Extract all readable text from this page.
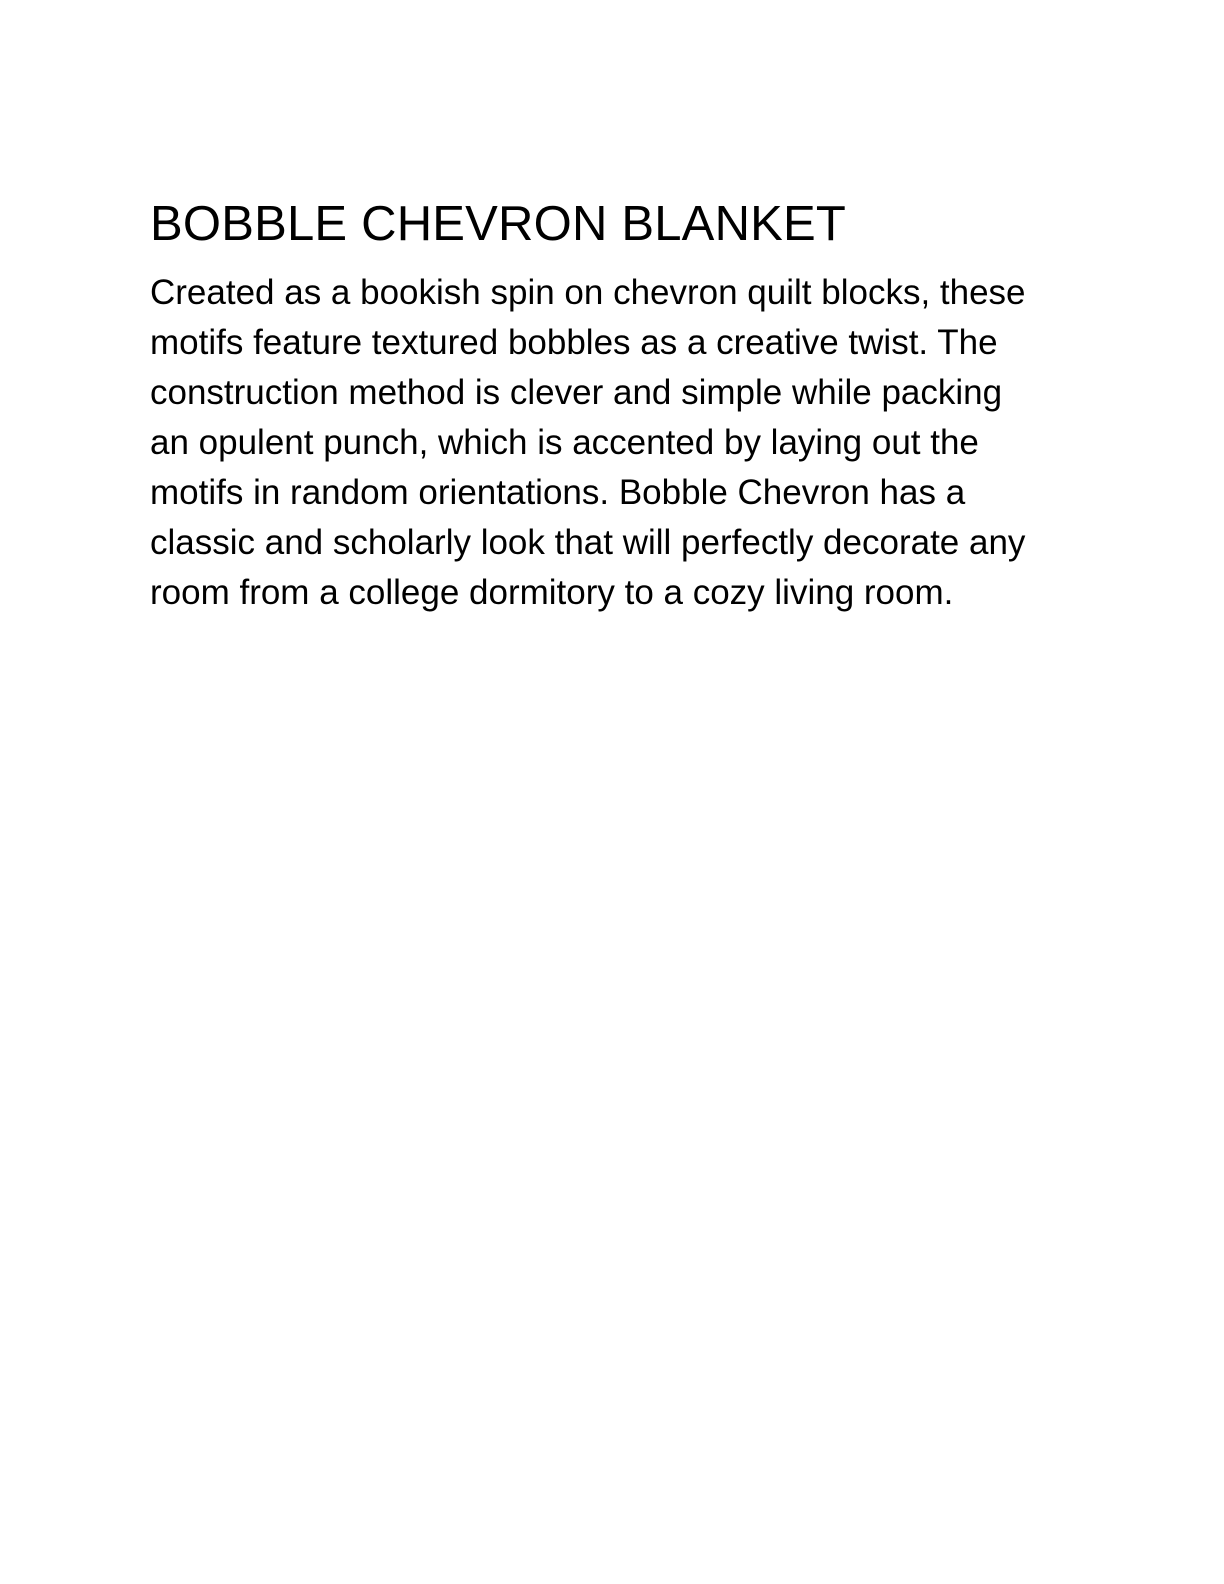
BOBBLE CHEVRON BLANKET

Created as a bookish spin on chevron quilt blocks, these motifs feature textured bobbles as a creative twist. The construction method is clever and simple while packing an opulent punch, which is accented by laying out the motifs in random orientations. Bobble Chevron has a classic and scholarly look that will perfectly decorate any room from a college dormitory to a cozy living room.
